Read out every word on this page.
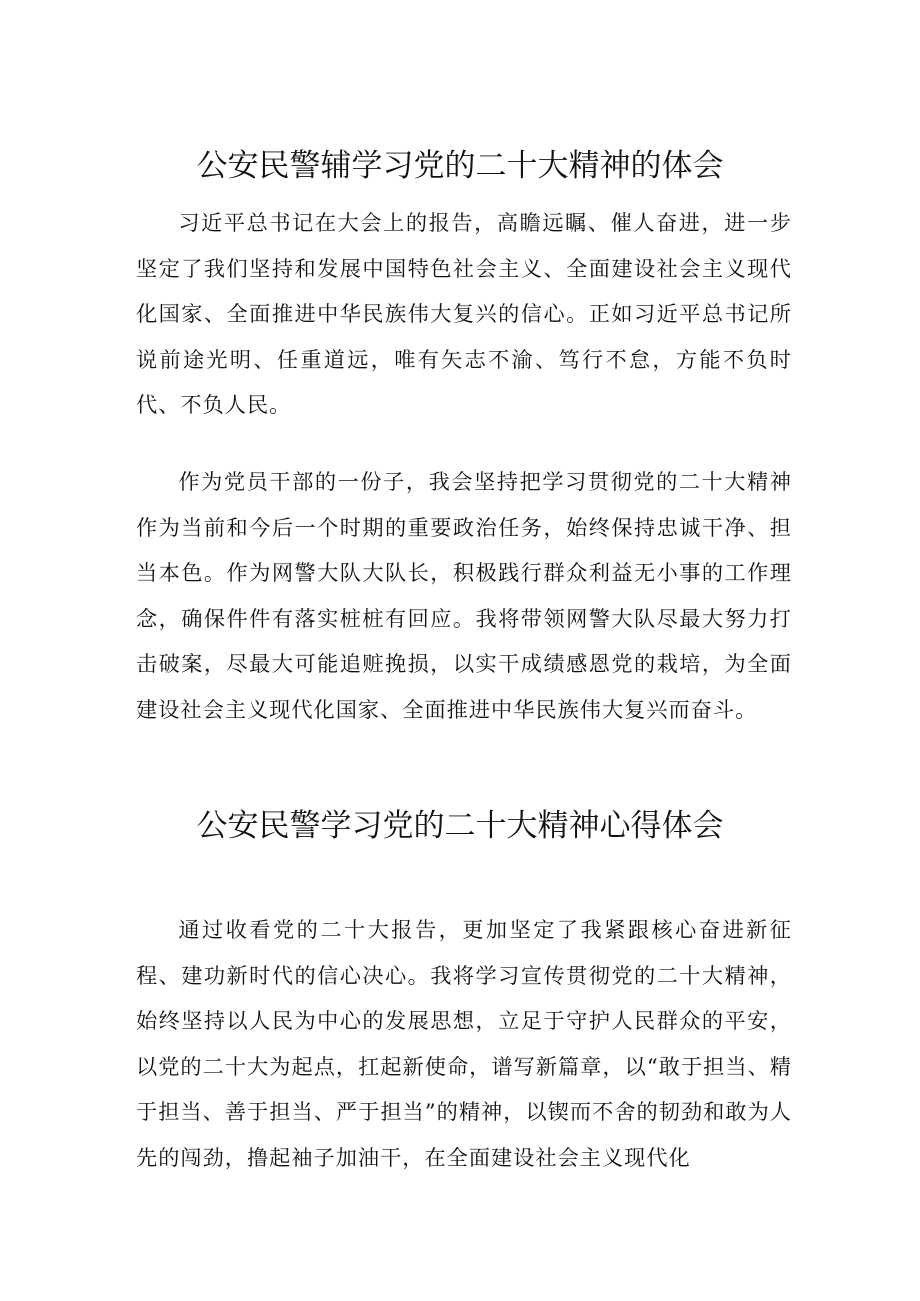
公安民警辅学习党的二十大精神的体会

习近平总书记在大会上的报告，高瞻远瞩、催人奋进，进一步坚定了我们坚持和发展中国特色社会主义、全面建设社会主义现代化国家、全面推进中华民族伟大复兴的信心。正如习近平总书记所说前途光明、任重道远，唯有矢志不渝、笃行不怠，方能不负时代、不负人民。

作为党员干部的一份子，我会坚持把学习贯彻党的二十大精神作为当前和今后一个时期的重要政治任务，始终保持忠诚干净、担当本色。作为网警大队大队长，积极践行群众利益无小事的工作理念，确保件件有落实桩桩有回应。我将带领网警大队尽最大努力打击破案，尽最大可能追赃挽损，以实干成绩感恩党的栽培，为全面建设社会主义现代化国家、全面推进中华民族伟大复兴而奋斗。

公安民警学习党的二十大精神心得体会

通过收看党的二十大报告，更加坚定了我紧跟核心奋进新征程、建功新时代的信心决心。我将学习宣传贯彻党的二十大精神，始终坚持以人民为中心的发展思想，立足于守护人民群众的平安，以党的二十大为起点，扛起新使命，谱写新篇章，以“敢于担当、精于担当、善于担当、严于担当”的精神，以锲而不舍的韧劲和敢为人先的闯劲，撸起袖子加油干，在全面建设社会主义现代化
